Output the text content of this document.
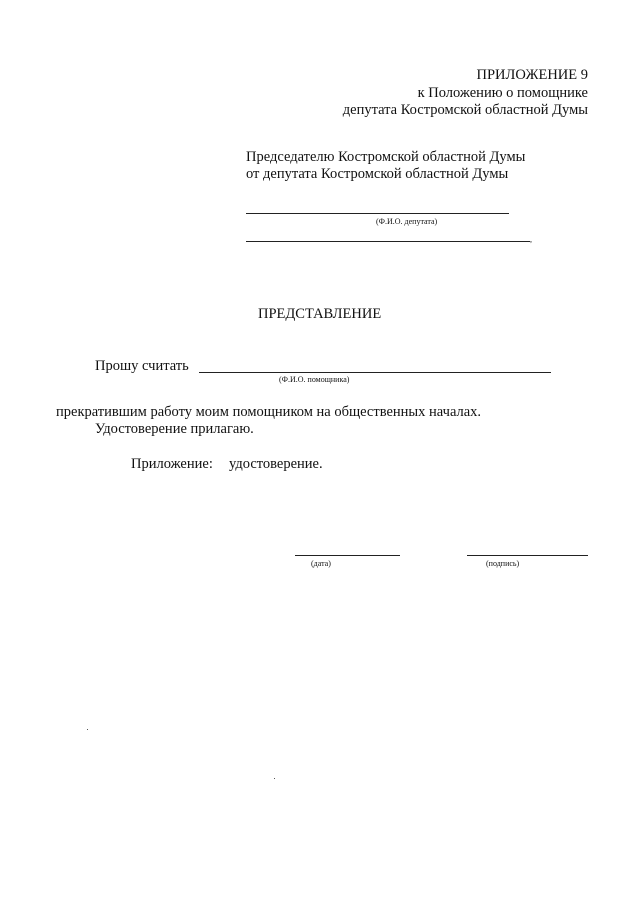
ПРИЛОЖЕНИЕ 9
к Положению о помощнике
депутата Костромской областной Думы
Председателю Костромской областной Думы
от депутата Костромской областной Думы
(Ф.И.О. депутата)
,
ПРЕДСТАВЛЕНИЕ
Прошу считать
(Ф.И.О. помощника)
прекратившим работу моим помощником на общественных началах.
Удостоверение прилагаю.
Приложение: удостоверение.
(дата)	(подпись)
